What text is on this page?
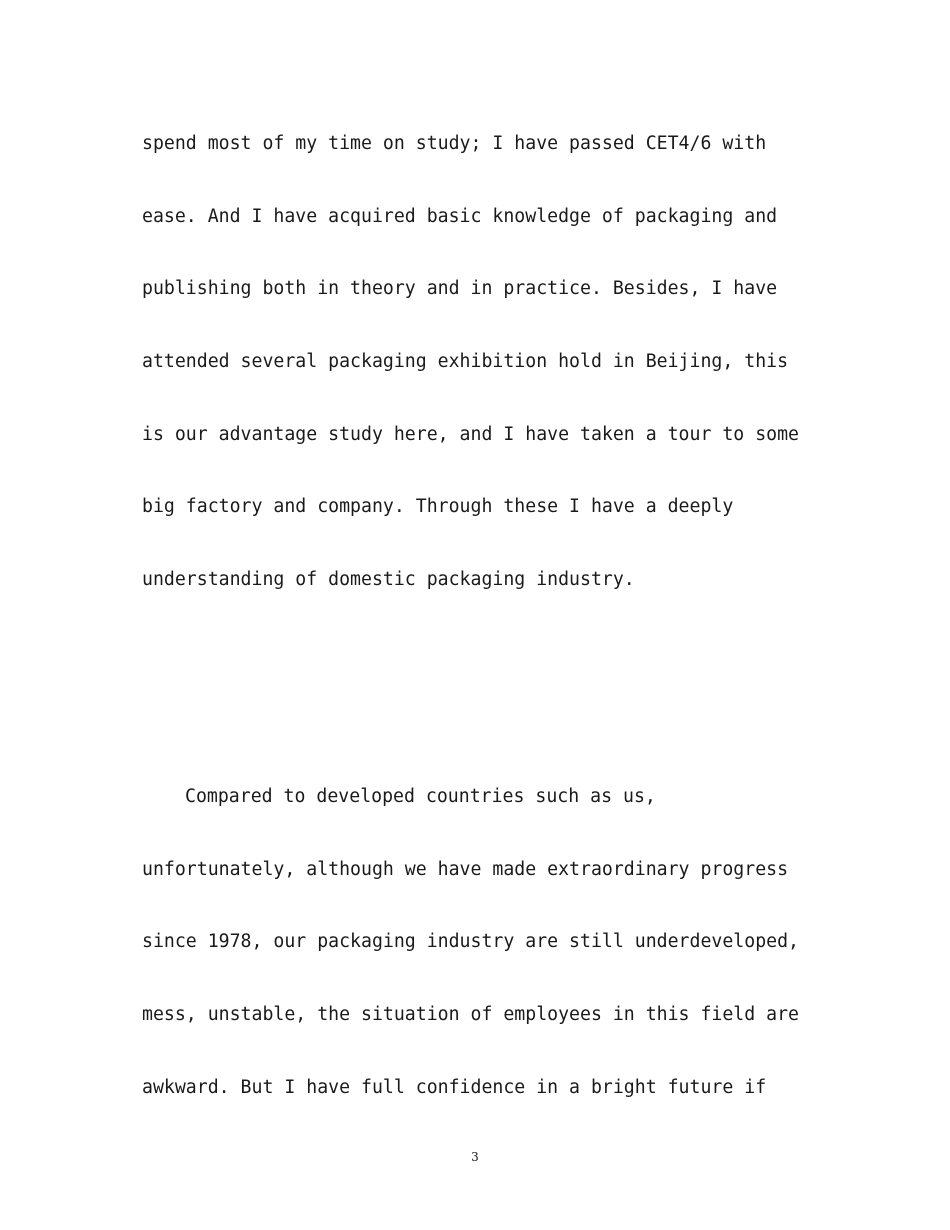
spend most of my time on study; I have passed CET4/6 with
ease. And I have acquired basic knowledge of packaging and
publishing both in theory and in practice. Besides, I have
attended several packaging exhibition hold in Beijing, this
is our advantage study here, and I have taken a tour to some
big factory and company. Through these I have a deeply
understanding of domestic packaging industry.
Compared to developed countries such as us,
unfortunately, although we have made extraordinary progress
since 1978, our packaging industry are still underdeveloped,
mess, unstable, the situation of employees in this field are
awkward. But I have full confidence in a bright future if
3
